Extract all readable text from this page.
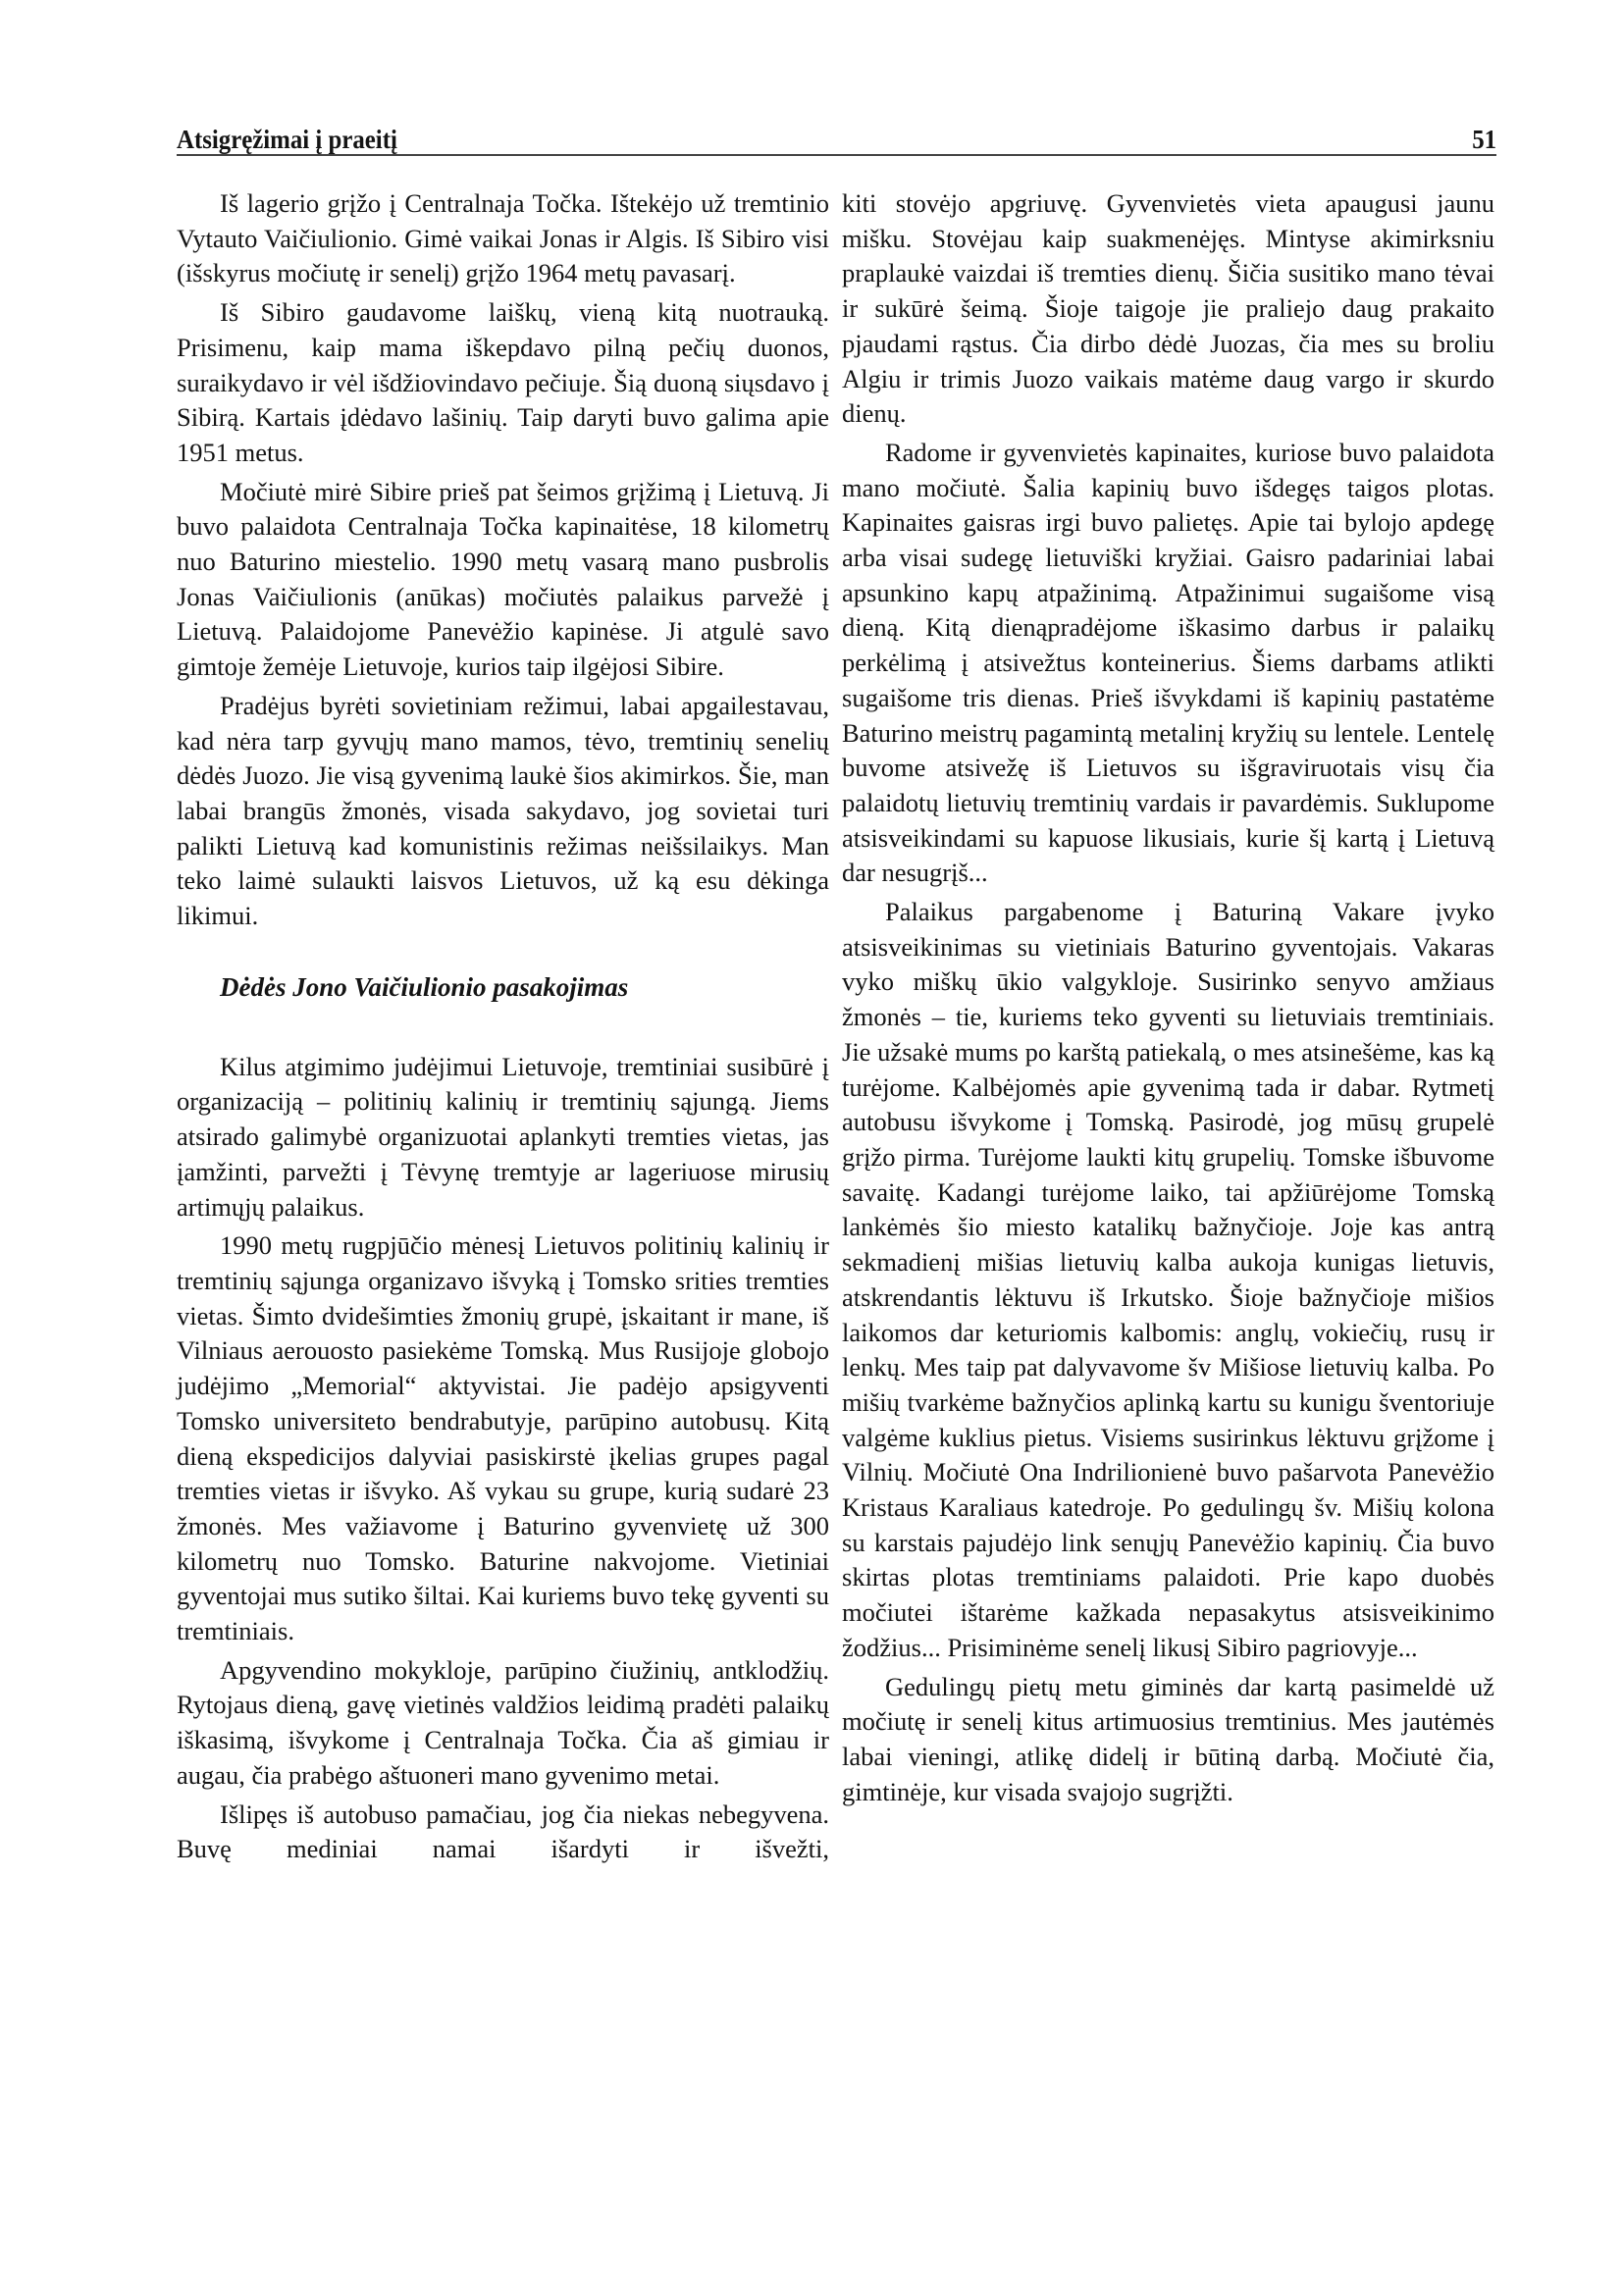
Atsigręžimai į praeitį	51

Iš lagerio grįžo į Centralnaja Točka. Ištekėjo už tremtinio Vytauto Vaičiulionio. Gimė vaikai Jonas ir Algis. Iš Sibiro visi (išskyrus močiutę ir senelį) grįžo 1964 metų pavasarį.

Iš Sibiro gaudavome laiškų, vieną kitą nuotrauką. Prisimenu, kaip mama iškepdavo pilną pečių duonos, suraikydavo ir vėl išdžiovindavo pečiuje. Šią duoną siųsdavo į Sibirą. Kartais įdėdavo lašinių. Taip daryti buvo galima apie 1951 metus.

Močiutė mirė Sibire prieš pat šeimos grįžimą į Lietuvą. Ji buvo palaidota Centralnaja Točka kapinaitėse, 18 kilometrų nuo Baturino miestelio. 1990 metų vasarą mano pusbrolis Jonas Vaičiulionis (anūkas) močiutės palaikus parvežė į Lietuvą. Palaidojome Panevėžio kapinėse. Ji atgulė savo gimtoje žemėje Lietuvoje, kurios taip ilgėjosi Sibire.

Pradėjus byrėti sovietiniam režimui, labai apgailestavau, kad nėra tarp gyvųjų mano mamos, tėvo, tremtinių senelių dėdės Juozo. Jie visą gyvenimą laukė šios akimirkos. Šie, man labai brangūs žmonės, visada sakydavo, jog sovietai turi palikti Lietuvą kad komunistinis režimas neišsilaikys. Man teko laimė sulaukti laisvos Lietuvos, už ką esu dėkinga likimui.

Dėdės Jono Vaičiulionio pasakojimas

Kilus atgimimo judėjimui Lietuvoje, tremtiniai susibūrė į organizaciją – politinių kalinių ir tremtinių sąjungą. Jiems atsirado galimybė organizuotai aplankyti tremties vietas, jas įamžinti, parvežti į Tėvynę tremtyje ar lageriuose mirusių artimųjų palaikus.

1990 metų rugpjūčio mėnesį Lietuvos politinių kalinių ir tremtinių sąjunga organizavo išvyką į Tomsko srities tremties vietas. Šimto dvidešimties žmonių grupė, įskaitant ir mane, iš Vilniaus aerouosto pasiekėme Tomską. Mus Rusijoje globojo judėjimo „Memorial“ aktyvistai. Jie padėjo apsigyventi Tomsko universiteto bendrabutyje, parūpino autobusų. Kitą dieną ekspedicijos dalyviai pasiskirstė įkelias grupes pagal tremties vietas ir išvyko. Aš vykau su grupe, kurią sudarė 23 žmonės. Mes važiavome į Baturino gyvenvietę už 300 kilometrų nuo Tomsko. Baturine nakvojome. Vietiniai gyventojai mus sutiko šiltai. Kai kuriems buvo tekę gyventi su tremtiniais.

Apgyvendino mokykloje, parūpino čiužinių, antklodžių. Rytojaus dieną, gavę vietinės valdžios leidimą pradėti palaikų iškasimą, išvykome į Centralnaja Točka. Čia aš gimiau ir augau, čia prabėgo aštuoneri mano gyvenimo metai.

Išlipęs iš autobuso pamačiau, jog čia niekas nebegyvena. Buvę mediniai namai išardyti ir išvežti,

kiti stovėjo apgriuvę. Gyvenvietės vieta apaugusi jaunu mišku. Stovėjau kaip suakmenėjęs. Mintyse akimirksniu praplaukė vaizdai iš tremties dienų. Šičia susitiko mano tėvai ir sukūrė šeimą. Šioje taigoje jie praliejo daug prakaito pjaudami rąstus. Čia dirbo dėdė Juozas, čia mes su broliu Algiu ir trimis Juozo vaikais matėme daug vargo ir skurdo dienų.

Radome ir gyvenvietės kapinaites, kuriose buvo palaidota mano močiutė. Šalia kapinių buvo išdegęs taigos plotas. Kapinaites gaisras irgi buvo palietęs. Apie tai bylojo apdegę arba visai sudegę lietuviški kryžiai. Gaisro padariniai labai apsunkino kapų atpažinimą. Atpažinimui sugaišome visą dieną. Kitą dienąpradėjome iškasimo darbus ir palaikų perkėlimą į atsivežtus konteinerius. Šiems darbams atlikti sugaišome tris dienas. Prieš išvykdami iš kapinių pastatėme Baturino meistrų pagamintą metalinį kryžių su lentele. Lentelę buvome atsivežę iš Lietuvos su išgraviruotais visų čia palaidotų lietuvių tremtinių vardais ir pavardėmis. Suklupome atsisveikindami su kapuose likusiais, kurie šį kartą į Lietuvą dar nesugrįš...

Palaikus pargabenome į Baturiną Vakare įvyko atsisveikinimas su vietiniais Baturino gyventojais. Vakaras vyko miškų ūkio valgykloje. Susirinko senyvo amžiaus žmonės – tie, kuriems teko gyventi su lietuviais tremtiniais. Jie užsakė mums po karštą patiekalą, o mes atsinešėme, kas ką turėjome. Kalbėjomės apie gyvenimą tada ir dabar. Rytmetį autobusu išvykome į Tomską. Pasirodė, jog mūsų grupelė grįžo pirma. Turėjome laukti kitų grupelių. Tomske išbuvome savaitę. Kadangi turėjome laiko, tai apžiūrėjome Tomską lankėmės šio miesto katalikų bažnyčioje. Joje kas antrą sekmadienį mišias lietuvių kalba aukoja kunigas lietuvis, atskrendantis lėktuvu iš Irkutsko. Šioje bažnyčioje mišios laikomos dar keturiomis kalbomis: anglų, vokiečių, rusų ir lenkų. Mes taip pat dalyvavome šv Mišiose lietuvių kalba. Po mišių tvarkėme bažnyčios aplinką kartu su kunigu šventoriuje valgėme kuklius pietus. Visiems susirinkus lėktuvu grįžome į Vilnių. Močiutė Ona Indrilionienė buvo pašarvota Panevėžio Kristaus Karaliaus katedroje. Po gedulingų šv. Mišių kolona su karstais pajudėjo link senųjų Panevėžio kapinių. Čia buvo skirtas plotas tremtiniams palaidoti. Prie kapo duobės močiutei ištarėme kažkada nepasakytus atsisveikinimo žodžius... Prisiminėme senelį likusį Sibiro pagriovyje...

Gedulingų pietų metu giminės dar kartą pasimeldė už močiutę ir senelį kitus artimuosius tremtinius. Mes jautėmės labai vieningi, atlikę didelį ir būtiną darbą. Močiutė čia, gimtinėje, kur visada svajojo sugrįžti.
